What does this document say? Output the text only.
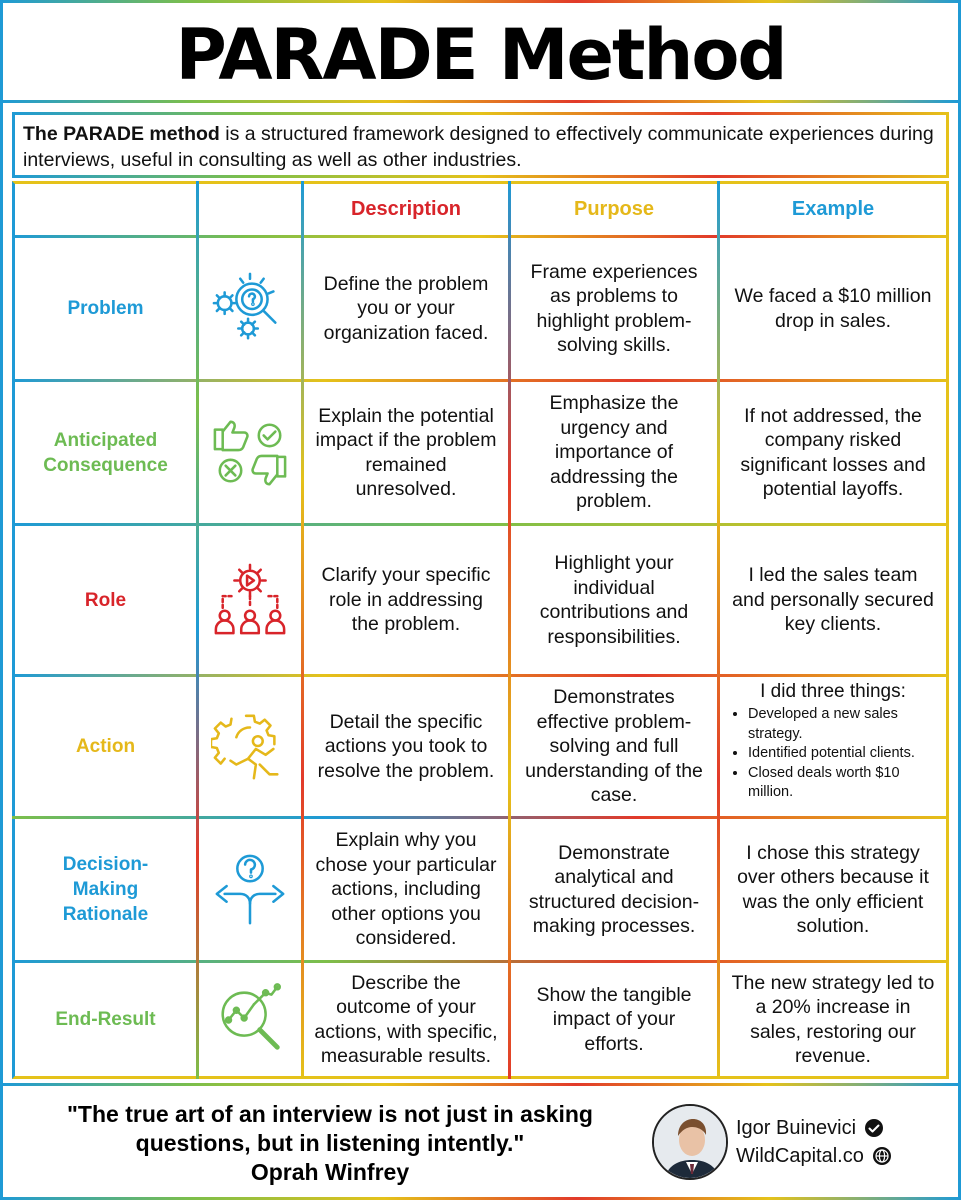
PARADE Method
The PARADE method is a structured framework designed to effectively communicate experiences during interviews, useful in consulting as well as other industries.
Description	Purpose	Example
Problem
Define the problem you or your organization faced.
Frame experiences as problems to highlight problem-solving skills.
We faced a $10 million drop in sales.
Anticipated Consequence
Explain the potential impact if the problem remained unresolved.
Emphasize the urgency and importance of addressing the problem.
If not addressed, the company risked significant losses and potential layoffs.
Role
Clarify your specific role in addressing the problem.
Highlight your individual contributions and responsibilities.
I led the sales team and personally secured key clients.
Action
Detail the specific actions you took to resolve the problem.
Demonstrates effective problem-solving and full understanding of the case.
I did three things:
• Developed a new sales strategy.
• Identified potential clients.
• Closed deals worth $10 million.
Decision-Making Rationale
Explain why you chose your particular actions, including other options you considered.
Demonstrate analytical and structured decision-making processes.
I chose this strategy over others because it was the only efficient solution.
End-Result
Describe the outcome of your actions, with specific, measurable results.
Show the tangible impact of your efforts.
The new strategy led to a 20% increase in sales, restoring our revenue.
"The true art of an interview is not just in asking questions, but in listening intently."
Oprah Winfrey
Igor Buinevici
WildCapital.co
